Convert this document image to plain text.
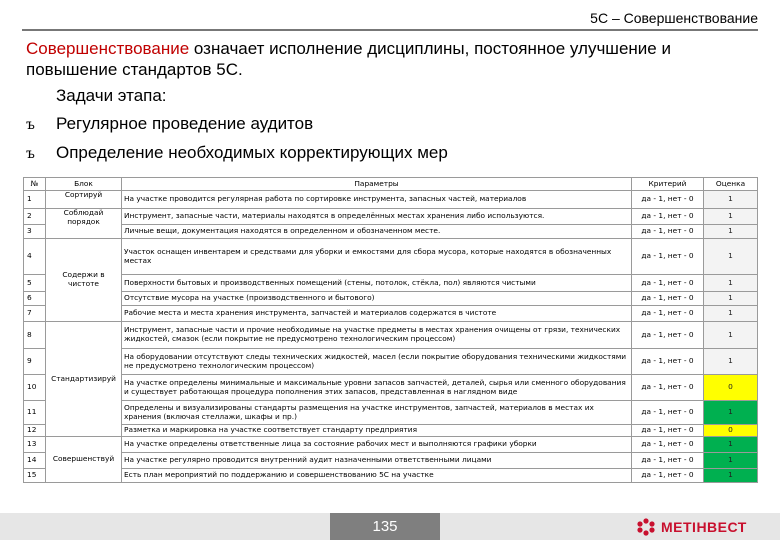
5С – Совершенствование
Совершенствование означает исполнение дисциплины, постоянное улучшение и повышение стандартов 5С.
Задачи этапа:
ъ Регулярное проведение аудитов
ъ Определение необходимых корректирующих мер
№	Блок	Параметры	Критерий	Оценка
1	Сортируй	На участке проводится регулярная работа по сортировке инструмента, запасных частей, материалов	да - 1, нет - 0	1
2	Соблюдай порядок	Инструмент, запасные части, материалы находятся в определённых местах хранения либо используются.	да - 1, нет - 0	1
3		Личные вещи, документация находятся в определенном и обозначенном месте.	да - 1, нет - 0	1
4	Содержи в чистоте	Участок оснащен инвентарем и средствами для уборки и емкостями для сбора мусора, которые находятся в обозначенных местах	да - 1, нет - 0	1
5		Поверхности бытовых и производственных помещений (стены, потолок, стёкла, пол) являются чистыми	да - 1, нет - 0	1
6		Отсутствие мусора на участке (производственного и бытового)	да - 1, нет - 0	1
7		Рабочие места и места хранения инструмента, запчастей и материалов содержатся в чистоте	да - 1, нет - 0	1
8	Стандартизируй	Инструмент, запасные части и прочие необходимые на участке предметы в местах хранения очищены от грязи, технических жидкостей, смазок (если покрытие не предусмотрено технологическим процессом)	да - 1, нет - 0	1
9		На оборудовании отсутствуют следы технических жидкостей, масел (если покрытие оборудования техническими жидкостями не предусмотрено технологическим процессом)	да - 1, нет - 0	1
10		На участке определены минимальные и максимальные уровни запасов запчастей, деталей, сырья или сменного оборудования и существует работающая процедура пополнения этих запасов, представленная в наглядном виде	да - 1, нет - 0	0
11		Определены и визуализированы стандарты размещения на участке инструментов, запчастей, материалов в местах их хранения (включая стеллажи, шкафы и пр.)	да - 1, нет - 0	1
12		Разметка и маркировка на участке соответствует стандарту предприятия	да - 1, нет - 0	0
13	Совершенствуй	На участке определены ответственные лица за состояние рабочих мест и выполняются графики уборки	да - 1, нет - 0	1
14		На участке регулярно проводится внутренний аудит назначенными ответственными лицами	да - 1, нет - 0	1
15		Есть план мероприятий по поддержанию и совершенствованию 5С на участке	да - 1, нет - 0	1
135	МЕТІНВЕСТ
